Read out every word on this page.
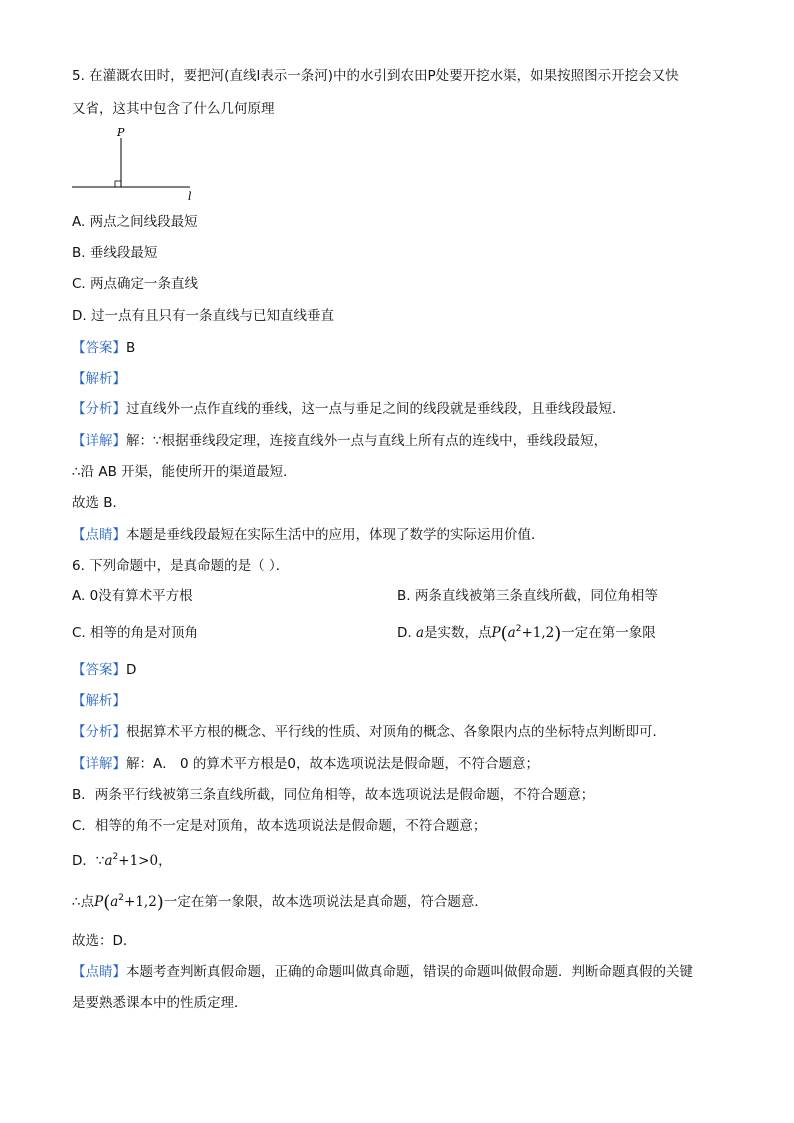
5. 在灌溉农田时，要把河(直线l表示一条河)中的水引到农田P处要开挖水渠，如果按照图示开挖会又快
又省，这其中包含了什么几何原理
P
l
A. 两点之间线段最短
B. 垂线段最短
C. 两点确定一条直线
D. 过一点有且只有一条直线与已知直线垂直
【答案】B
【解析】
【分析】过直线外一点作直线的垂线，这一点与垂足之间的线段就是垂线段，且垂线段最短．
【详解】解：∵根据垂线段定理，连接直线外一点与直线上所有点的连线中，垂线段最短，
∴沿 AB 开渠，能使所开的渠道最短．
故选 B．
【点睛】本题是垂线段最短在实际生活中的应用，体现了数学的实际运用价值．
6. 下列命题中，是真命题的是（ ）．
A. 0没有算术平方根	B. 两条直线被第三条直线所截，同位角相等
C. 相等的角是对顶角	D. a是实数，点$P(a^2+1,2)$一定在第一象限
【答案】D
【解析】
【分析】根据算术平方根的概念、平行线的性质、对顶角的概念、各象限内点的坐标特点判断即可．
【详解】解：A． 0 的算术平方根是0，故本选项说法是假命题，不符合题意；
B．两条平行线被第三条直线所截，同位角相等，故本选项说法是假命题，不符合题意；
C．相等的角不一定是对顶角，故本选项说法是假命题，不符合题意；
D．$\because a^2+1>0$，
∴点$P(a^2+1,2)$一定在第一象限，故本选项说法是真命题，符合题意．
故选：D．
【点睛】本题考查判断真假命题，正确的命题叫做真命题，错误的命题叫做假命题．判断命题真假的关键
是要熟悉课本中的性质定理．
